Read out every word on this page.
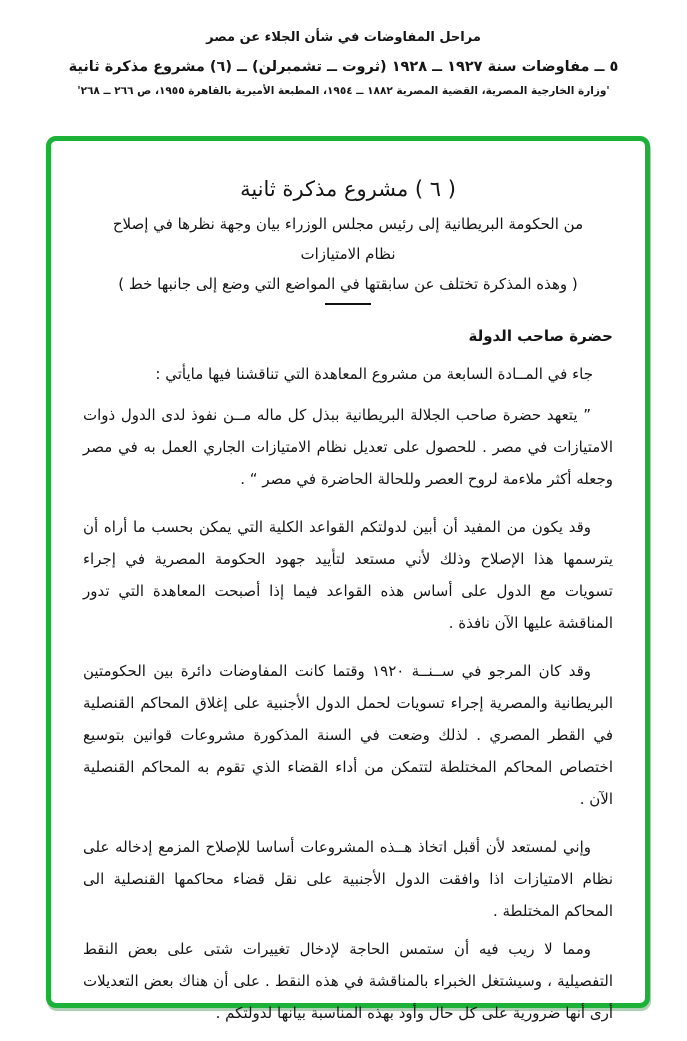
مراحل المفاوضات في شأن الجلاء عن مصر
٥ ــ مفاوضات سنة ١٩٢٧ ــ ١٩٢٨ (ثروت ــ تشمبرلن) ــ (٦) مشروع مذكرة ثانية
'وزارة الخارجية المصرية، القضية المصرية ١٨٨٢ ــ ١٩٥٤، المطبعة الأميرية بالقاهرة ١٩٥٥، ص ٢٦٦ ــ ٢٦٨'
( ٦ ) مشروع مذكرة ثانية
من الحكومة البريطانية إلى رئيس مجلس الوزراء بيان وجهة نظرها في إصلاح
نظام الامتيازات
( وهذه المذكرة تختلف عن سابقتها في المواضع التي وضع إلى جانبها خط )
حضرة صاحب الدولة

جاء في المــادة السابعة من مشروع المعاهدة التي تناقشنا فيها مايأتي :

” يتعهد حضرة صاحب الجلالة البريطانية ببذل كل ماله مــن نفوذ لدى الدول ذوات الامتيازات في مصر . للحصول على تعديل نظام الامتيازات الجاري العمل به في مصر وجعله أكثر ملاءمة لروح العصر وللحالة الحاضرة في مصر “ .

وقد يكون من المفيد أن أبين لدولتكم القواعد الكلية التي يمكن بحسب ما أراه أن يترسمها هذا الإصلاح وذلك لأني مستعد لتأييد جهود الحكومة المصرية في إجراء تسويات مع الدول على أساس هذه القواعد فيما إذا أصبحت المعاهدة التي تدور المناقشة عليها الآن نافذة .

وقد كان المرجو في ســنــة ١٩٢٠ وقتما كانت المفاوضات دائرة بين الحكومتين البريطانية والمصرية إجراء تسويات لحمل الدول الأجنبية على إغلاق المحاكم القنصلية في القطر المصري . لذلك وضعت في السنة المذكورة مشروعات قوانين بتوسيع اختصاص المحاكم المختلطة لتتمكن من أداء القضاء الذي تقوم به المحاكم القنصلية الآن .

وإني لمستعد لأن أقبل اتخاذ هــذه المشروعات أساسا للإصلاح المزمع إدخاله على نظام الامتيازات اذا وافقت الدول الأجنبية على نقل قضاء محاكمها القنصلية الى المحاكم المختلطة .

ومما لا ريب فيه أن ستمس الحاجة لإدخال تغييرات شتى على بعض النقط التفصيلية ، وسيشتغل الخبراء بالمناقشة في هذه النقط . على أن هناك بعض التعديلات أرى أنها ضرورية على كل حال وأود بهذه المناسبة بيانها لدولتكم .
